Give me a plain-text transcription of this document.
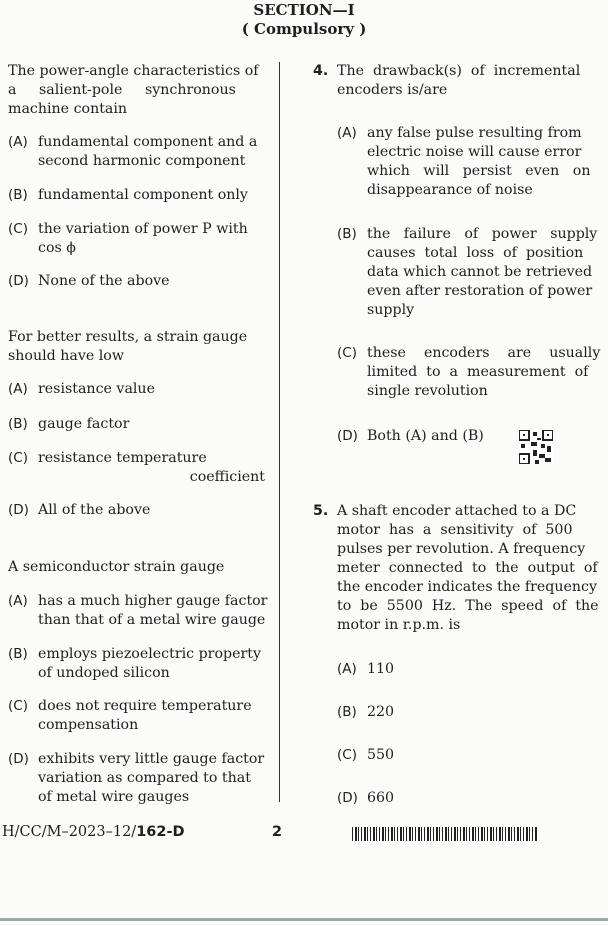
SECTION—I
( Compulsory )
The power-angle characteristics of
a     salient-pole     synchronous
machine contain
(A) fundamental component and a
second harmonic component
(B) fundamental component only
(C) the variation of power P with
cos ϕ
(D) None of the above
For better results, a strain gauge
should have low
(A) resistance value
(B) gauge factor
(C) resistance temperature
coefficient
(D) All of the above
A semiconductor strain gauge
(A) has a much higher gauge factor
than that of a metal wire gauge
(B) employs piezoelectric property
of undoped silicon
(C) does not require temperature
compensation
(D) exhibits very little gauge factor
variation as compared to that
of metal wire gauges
4. The  drawback(s)  of  incremental
encoders is/are
(A) any false pulse resulting from
electric noise will cause error
which   will   persist   even   on
disappearance of noise
(B) the   failure   of   power   supply
causes  total  loss  of  position
data which cannot be retrieved
even after restoration of power
supply
(C) these    encoders    are    usually
limited  to  a  measurement  of
single revolution
(D) Both (A) and (B)
5. A shaft encoder attached to a DC
motor  has  a  sensitivity  of  500
pulses per revolution. A frequency
meter  connected  to  the  output  of
the encoder indicates the frequency
to  be  5500  Hz.  The  speed  of  the
motor in r.p.m. is
(A) 110
(B) 220
(C) 550
(D) 660
H/CC/M–2023–12/162-D	2
